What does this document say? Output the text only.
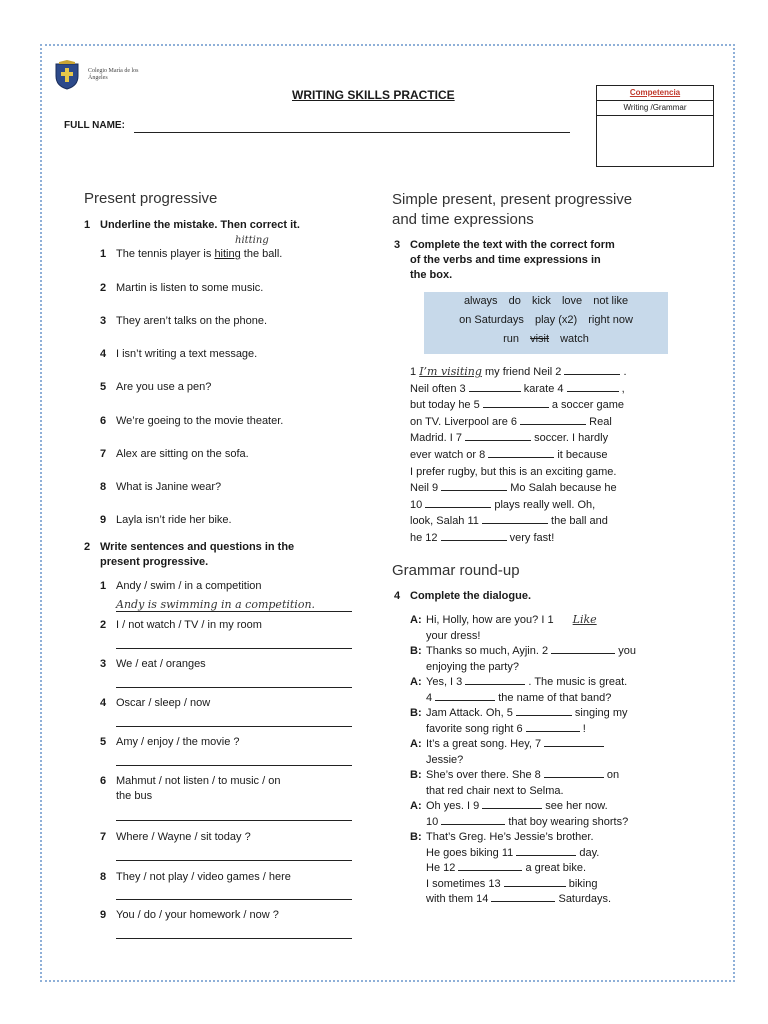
Colegio María de los Ángeles
WRITING SKILLS PRACTICE	Competencia
Writing /Grammar
FULL NAME:
Present progressive
1 Underline the mistake. Then correct it.
hitting
1 The tennis player is hiting the ball.
2 Martin is listen to some music.
3 They aren’t talks on the phone.
4 I isn’t writing a text message.
5 Are you use a pen?
6 We’re goeing to the movie theater.
7 Alex are sitting on the sofa.
8 What is Janine wear?
9 Layla isn’t ride her bike.
2 Write sentences and questions in the
present progressive.
1 Andy / swim / in a competition
Andy is swimming in a competition.
2 I / not watch / TV / in my room
3 We / eat / oranges
4 Oscar / sleep / now
5 Amy / enjoy / the movie ?
6 Mahmut / not listen / to music / on
the bus
7 Where / Wayne / sit today ?
8 They / not play / video games / here
9 You / do / your homework / now ?
Simple present, present progressive
and time expressions
3 Complete the text with the correct form
of the verbs and time expressions in
the box.
always do kick love not like
on Saturdays play (x2) right now
run visit watch
1 I’m visiting my friend Neil 2	.
Neil often 3	karate 4	,
but today he 5	a soccer game
on TV. Liverpool are 6	Real
Madrid. I 7	soccer. I hardly
ever watch or 8	it because
I prefer rugby, but this is an exciting game.
Neil 9	Mo Salah because he
10	plays really well. Oh,
look, Salah 11	the ball and
he 12	very fast!
Grammar round-up
4 Complete the dialogue.
A: Hi, Holly, how are you? I 1 Like
your dress!
B: Thanks so much, Ayjin. 2	you
enjoying the party?
A: Yes, I 3	. The music is great.
4	the name of that band?
B: Jam Attack. Oh, 5	singing my
favorite song right 6	!
A: It’s a great song. Hey, 7
Jessie?
B: She’s over there. She 8	on
that red chair next to Selma.
A: Oh yes. I 9	see her now.
10	that boy wearing shorts?
B: That’s Greg. He’s Jessie’s brother.
He goes biking 11	day.
He 12	a great bike.
I sometimes 13	biking
with them 14	Saturdays.
